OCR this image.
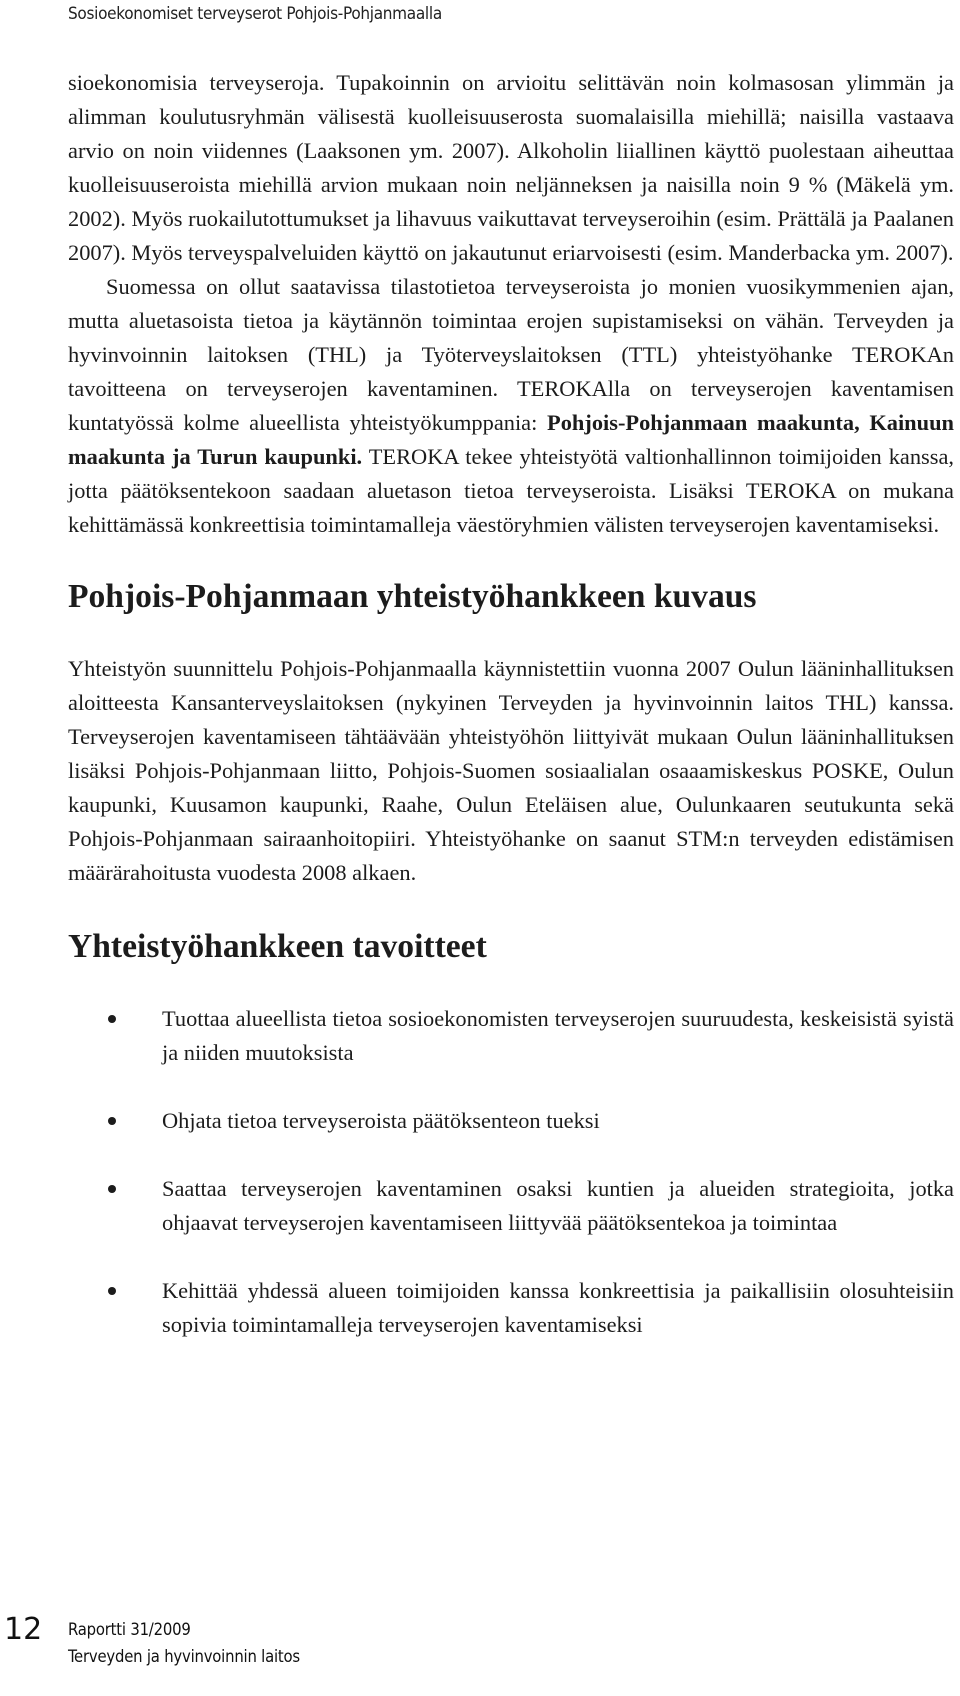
Sosioekonomiset terveyserot Pohjois-Pohjanmaalla

sioekonomisia terveyseroja. Tupakoinnin on arvioitu selittävän noin kolmasosan ylimmän ja alimman koulutusryhmän välisestä kuolleisuuserosta suomalaisilla miehillä; naisilla vastaava arvio on noin viidennes (Laaksonen ym. 2007). Alkoholin liiallinen käyttö puolestaan aiheuttaa kuolleisuuseroista miehillä arvion mukaan noin neljänneksen ja naisilla noin 9 % (Mäkelä ym. 2002). Myös ruokailutottumukset ja lihavuus vaikuttavat terveyseroihin (esim. Prättälä ja Paalanen 2007). Myös terveyspalveluiden käyttö on jakautunut eriarvoisesti (esim. Manderbacka ym. 2007).

Suomessa on ollut saatavissa tilastotietoa terveyseroista jo monien vuosikymmenien ajan, mutta aluetasoista tietoa ja käytännön toimintaa erojen supistamiseksi on vähän. Terveyden ja hyvinvoinnin laitoksen (THL) ja Työterveyslaitoksen (TTL) yhteistyöhanke TEROKAn tavoitteena on terveyserojen kaventaminen. TEROKAlla on terveyserojen kaventamisen kuntatyössä kolme alueellista yhteistyökumppania: Pohjois-Pohjanmaan maakunta, Kainuun maakunta ja Turun kaupunki. TEROKA tekee yhteistyötä valtionhallinnon toimijoiden kanssa, jotta päätöksentekoon saadaan aluetason tietoa terveyseroista. Lisäksi TEROKA on mukana kehittämässä konkreettisia toimintamalleja väestöryhmien välisten terveyserojen kaventamiseksi.

Pohjois-Pohjanmaan yhteistyöhankkeen kuvaus

Yhteistyön suunnittelu Pohjois-Pohjanmaalla käynnistettiin vuonna 2007 Oulun lääninhallituksen aloitteesta Kansanterveyslaitoksen (nykyinen Terveyden ja hyvinvoinnin laitos THL) kanssa. Terveyserojen kaventamiseen tähtäävään yhteistyöhön liittyivät mukaan Oulun lääninhallituksen lisäksi Pohjois-Pohjanmaan liitto, Pohjois-Suomen sosiaalialan osaaamiskeskus POSKE, Oulun kaupunki, Kuusamon kaupunki, Raahe, Oulun Eteläisen alue, Oulunkaaren seutukunta sekä Pohjois-Pohjanmaan sairaanhoitopiiri. Yhteistyöhanke on saanut STM:n terveyden edistämisen määrärahoitusta vuodesta 2008 alkaen.

Yhteistyöhankkeen tavoitteet
Tuottaa alueellista tietoa sosioekonomisten terveyserojen suuruudesta, keskeisistä syistä ja niiden muutoksista
Ohjata tietoa terveyseroista päätöksenteon tueksi
Saattaa terveyserojen kaventaminen osaksi kuntien ja alueiden strategioita, jotka ohjaavat terveyserojen kaventamiseen liittyvää päätöksentekoa ja toimintaa
Kehittää yhdessä alueen toimijoiden kanssa konkreettisia ja paikallisiin olosuhteisiin sopivia toimintamalleja terveyserojen kaventamiseksi
12 Raportti 31/2009
Terveyden ja hyvinvoinnin laitos
